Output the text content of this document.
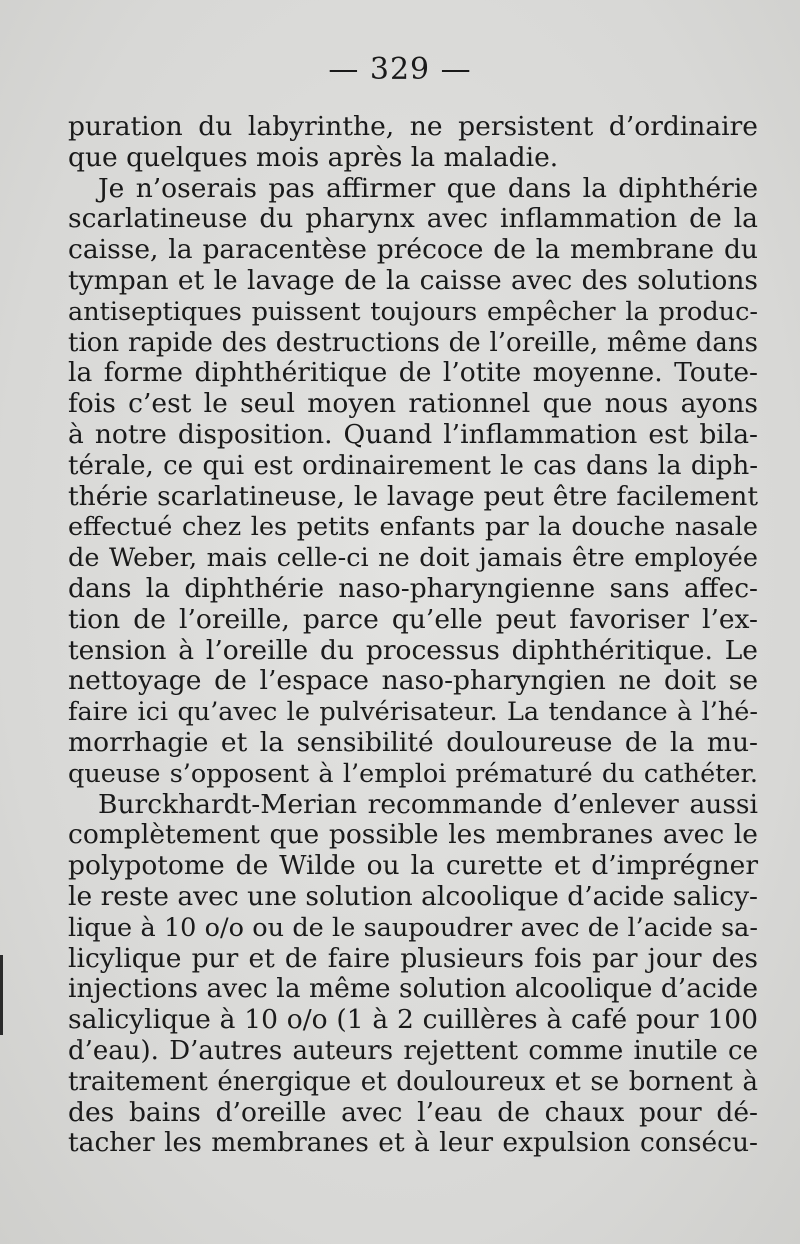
— 329 —
puration du labyrinthe, ne persistent d’ordinaire
que quelques mois après la maladie.
Je n’oserais pas affirmer que dans la diphthérie
scarlatineuse du pharynx avec inflammation de la
caisse, la paracentèse précoce de la membrane du
tympan et le lavage de la caisse avec des solutions
antiseptiques puissent toujours empêcher la produc-
tion rapide des destructions de l’oreille, même dans
la forme diphthéritique de l’otite moyenne. Toute-
fois c’est le seul moyen rationnel que nous ayons
à notre disposition. Quand l’inflammation est bila-
térale, ce qui est ordinairement le cas dans la diph-
thérie scarlatineuse, le lavage peut être facilement
effectué chez les petits enfants par la douche nasale
de Weber, mais celle-ci ne doit jamais être employée
dans la diphthérie naso-pharyngienne sans affec-
tion de l’oreille, parce qu’elle peut favoriser l’ex-
tension à l’oreille du processus diphthéritique. Le
nettoyage de l’espace naso-pharyngien ne doit se
faire ici qu’avec le pulvérisateur. La tendance à l’hé-
morrhagie et la sensibilité douloureuse de la mu-
queuse s’opposent à l’emploi prématuré du cathéter.
Burckhardt-Merian recommande d’enlever aussi
complètement que possible les membranes avec le
polypotome de Wilde ou la curette et d’imprégner
le reste avec une solution alcoolique d’acide salicy-
lique à 10 o/o ou de le saupoudrer avec de l’acide sa-
licylique pur et de faire plusieurs fois par jour des
injections avec la même solution alcoolique d’acide
salicylique à 10 o/o (1 à 2 cuillères à café pour 100
d’eau). D’autres auteurs rejettent comme inutile ce
traitement énergique et douloureux et se bornent à
des bains d’oreille avec l’eau de chaux pour dé-
tacher les membranes et à leur expulsion consécu-
